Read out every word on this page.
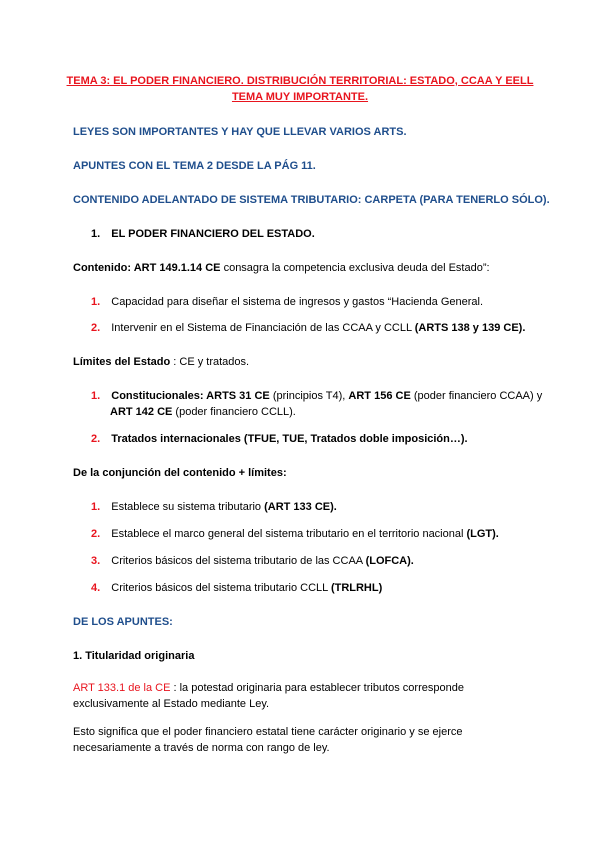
TEMA 3: EL PODER FINANCIERO. DISTRIBUCIÓN TERRITORIAL: ESTADO, CCAA Y EELL
TEMA MUY IMPORTANTE.
LEYES SON IMPORTANTES Y HAY QUE LLEVAR VARIOS ARTS.
APUNTES CON EL TEMA 2 DESDE LA PÁG 11.
CONTENIDO ADELANTADO DE SISTEMA TRIBUTARIO: CARPETA (PARA TENERLO SÓLO).
1. EL PODER FINANCIERO DEL ESTADO.
Contenido: ART 149.1.14 CE consagra la competencia exclusiva deuda del Estado”:
1. Capacidad para diseñar el sistema de ingresos y gastos “Hacienda General.
2. Intervenir en el Sistema de Financiación de las CCAA y CCLL (ARTS 138 y 139 CE).
Límites del Estado : CE y tratados.
1. Constitucionales: ARTS 31 CE (principios T4), ART 156 CE (poder financiero CCAA) y
ART 142 CE (poder financiero CCLL).
2. Tratados internacionales (TFUE, TUE, Tratados doble imposición…).
De la conjunción del contenido + límites:
1. Establece su sistema tributario (ART 133 CE).
2. Establece el marco general del sistema tributario en el territorio nacional (LGT).
3. Criterios básicos del sistema tributario de las CCAA (LOFCA).
4. Criterios básicos del sistema tributario CCLL (TRLRHL)
DE LOS APUNTES:
1. Titularidad originaria
ART 133.1 de la CE : la potestad originaria para establecer tributos corresponde
exclusivamente al Estado mediante Ley.
Esto significa que el poder financiero estatal tiene carácter originario y se ejerce
necesariamente a través de norma con rango de ley.
